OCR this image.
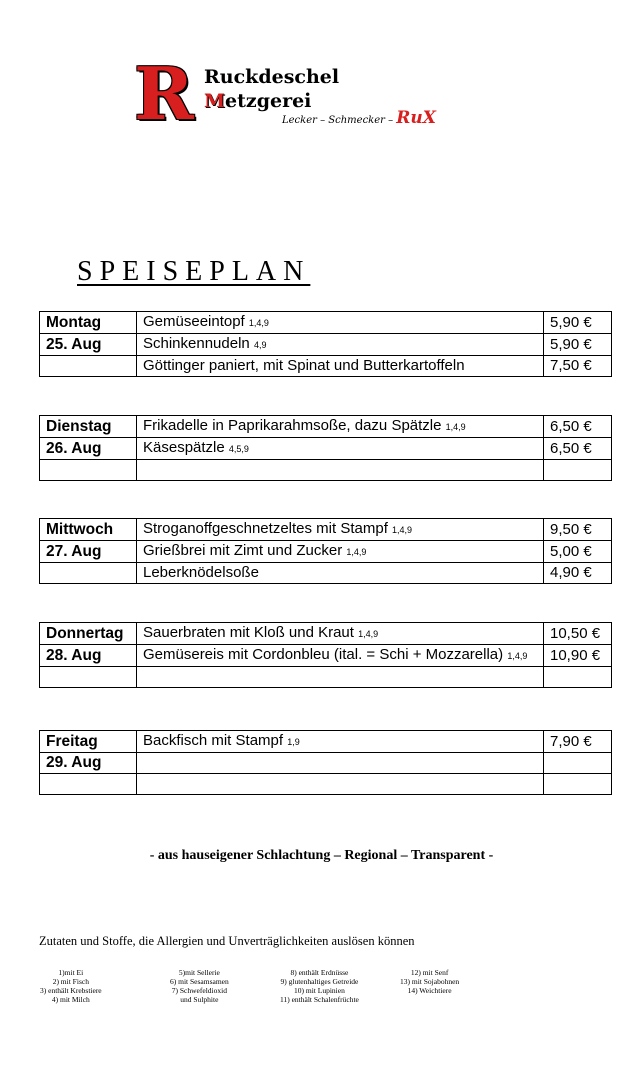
R Ruckdeschel
Metzgerei
Lecker – Schmecker – RuX
SPEISEPLAN
Montag	Gemüseeintopf 1,4,9	5,90 €
25. Aug	Schinkennudeln 4,9	5,90 €
	Göttinger paniert, mit Spinat und Butterkartoffeln	7,50 €
Dienstag	Frikadelle in Paprikarahmsoße, dazu Spätzle 1,4,9	6,50 €
26. Aug	Käsespätzle 4,5,9	6,50 €

Mittwoch	Stroganoffgeschnetzeltes mit Stampf 1,4,9	9,50 €
27. Aug	Grießbrei mit Zimt und Zucker 1,4,9	5,00 €
	Leberknödelsoße	4,90 €
Donnertag	Sauerbraten mit Kloß und Kraut 1,4,9	10,50 €
28. Aug	Gemüsereis mit Cordonbleu (ital. = Schi + Mozzarella) 1,4,9	10,90 €

Freitag	Backfisch mit Stampf 1,9	7,90 €
29. Aug		

- aus hauseigener Schlachtung – Regional – Transparent -
Zutaten und Stoffe, die Allergien und Unverträglichkeiten auslösen können
1)mit Ei
2) mit Fisch
3) enthält Krebstiere
4) mit Milch
5)mit Sellerie
6) mit Sesamsamen
7) Schwefeldioxid
und Sulphite
8) enthält Erdnüsse
9) glutenhaltiges Getreide
10) mit Lupinien
11) enthält Schalenfrüchte
12) mit Senf
13) mit Sojabohnen
14) Weichtiere
